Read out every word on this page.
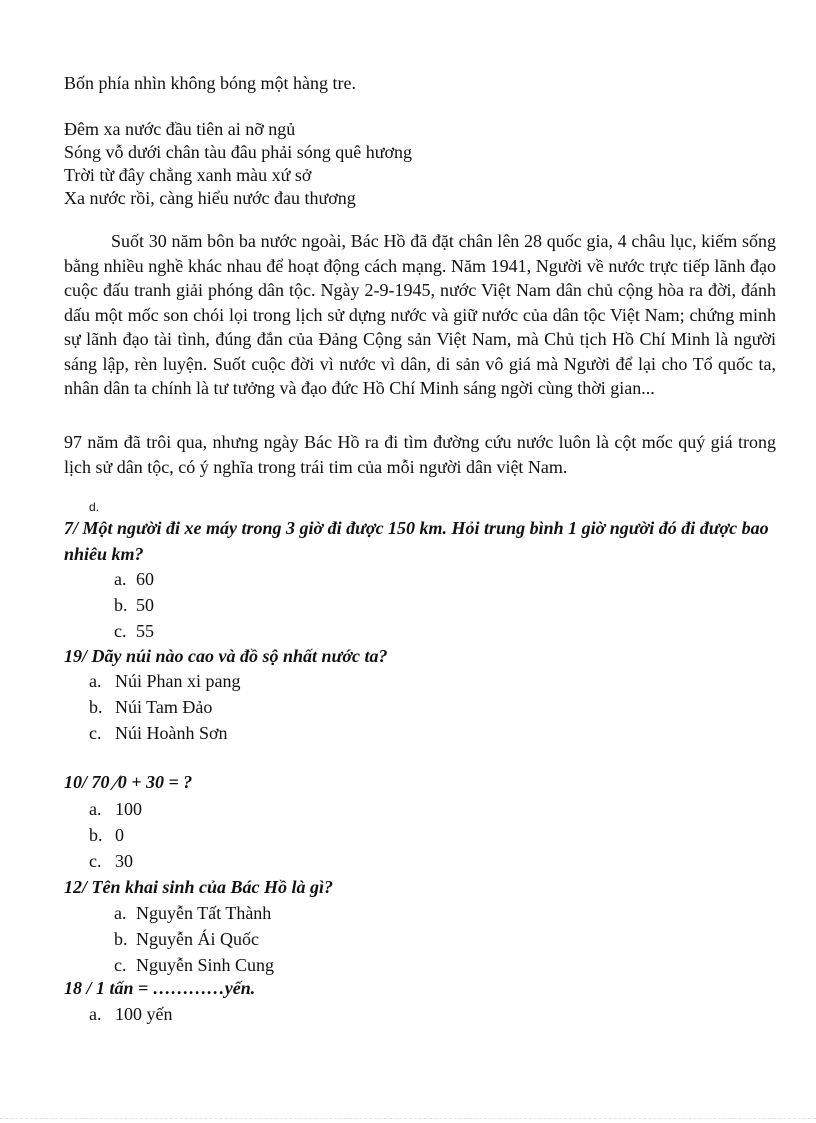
Bốn phía nhìn không bóng một hàng tre.
Đêm xa nước đầu tiên ai nỡ ngủ
Sóng vỗ dưới chân tàu đâu phải sóng quê hương
Trời từ đây chẳng xanh màu xứ sở
Xa nước rồi, càng hiểu nước đau thương
Suốt 30 năm bôn ba nước ngoài, Bác Hồ đã đặt chân lên 28 quốc gia, 4 châu lục, kiếm sống bằng nhiều nghề khác nhau để hoạt động cách mạng. Năm 1941, Người về nước trực tiếp lãnh đạo cuộc đấu tranh giải phóng dân tộc. Ngày 2-9-1945, nước Việt Nam dân chủ cộng hòa ra đời, đánh dấu một mốc son chói lọi trong lịch sử dựng nước và giữ nước của dân tộc Việt Nam; chứng minh sự lãnh đạo tài tình, đúng đắn của Đảng Cộng sản Việt Nam, mà Chủ tịch Hồ Chí Minh là người sáng lập, rèn luyện. Suốt cuộc đời vì nước vì dân, di sản vô giá mà Người để lại cho Tổ quốc ta, nhân dân ta chính là tư tưởng và đạo đức Hồ Chí Minh sáng ngời cùng thời gian...
97 năm đã trôi qua, nhưng ngày Bác Hồ ra đi tìm đường cứu nước luôn là cột mốc quý giá trong lịch sử dân tộc, có ý nghĩa trong trái tim của mỗi người dân việt Nam.
d.
7/ Một người đi xe máy trong 3 giờ đi được 150 km. Hỏi trung bình 1 giờ người đó đi được bao nhiêu km?
a. 60
b. 50
c. 55
19/ Dãy núi nào cao và đồ sộ nhất nước ta?
a. Núi Phan xi pang
b. Núi Tam Đảo
c. Núi Hoành Sơn
10/ 70 ⁄​0 + 30 = ?
a. 100
b. 0
c. 30
12/ Tên khai sinh của Bác Hồ là gì?
a. Nguyễn Tất Thành
b. Nguyễn Ái Quốc
c. Nguyễn Sinh Cung
18 / 1 tấn = …………yến.
a. 100 yến
